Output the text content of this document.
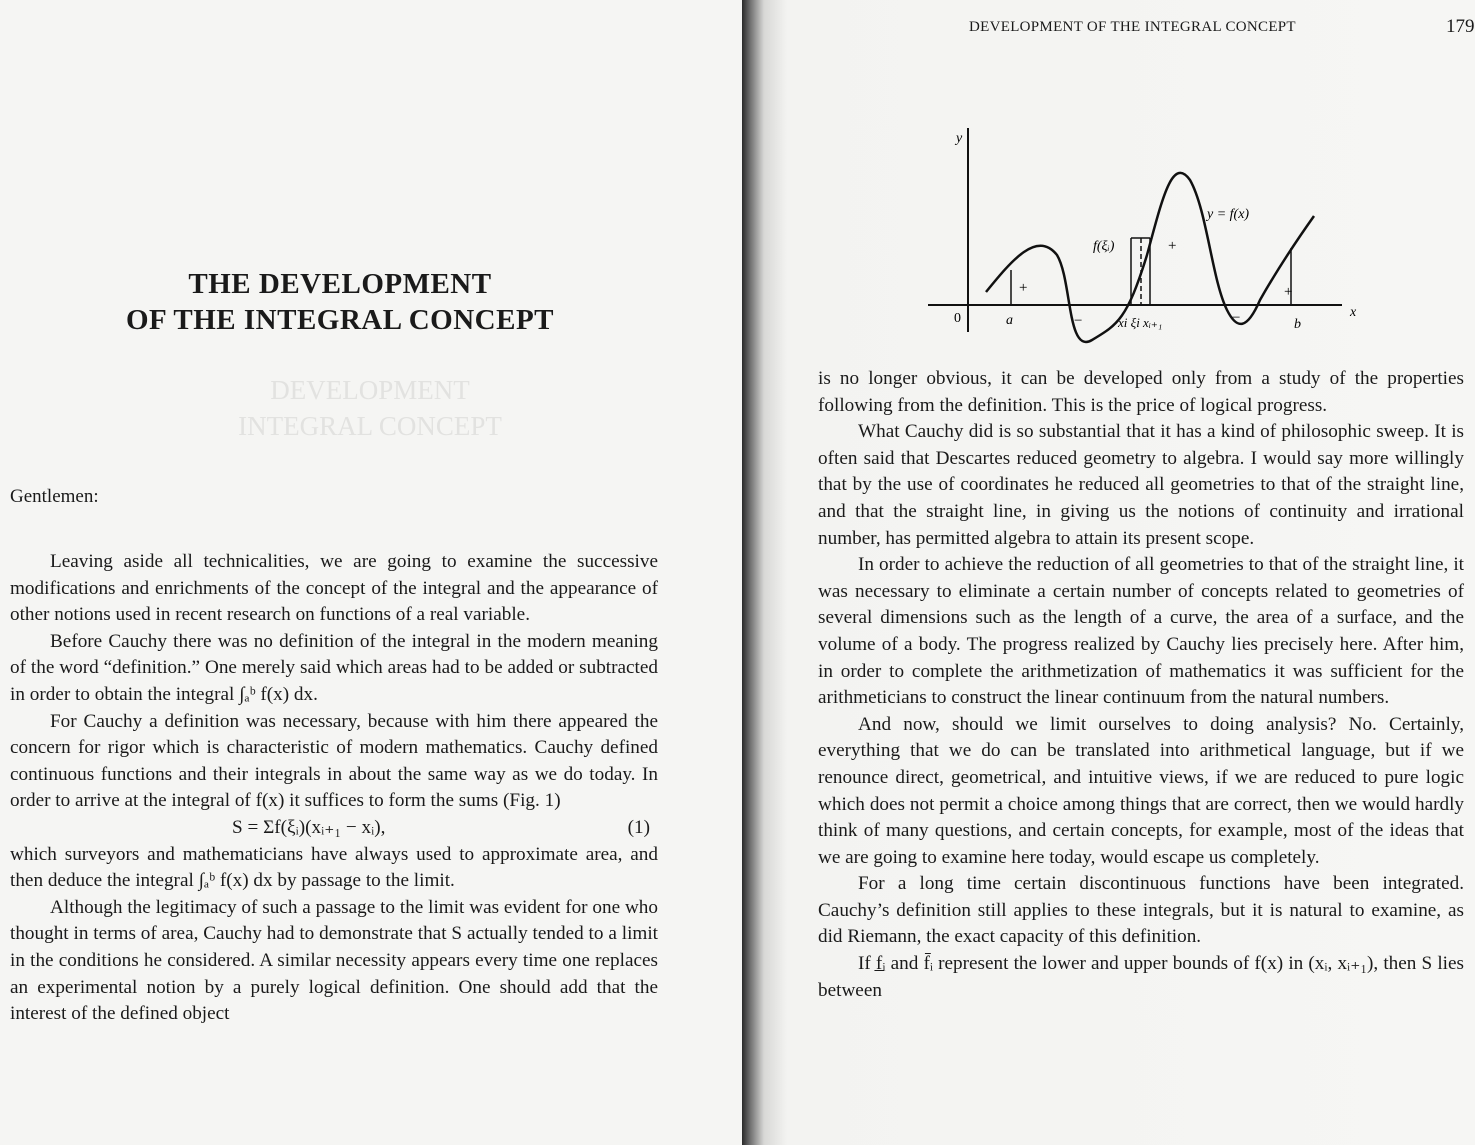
DEVELOPMENT
INTEGRAL CONCEPT
THE DEVELOPMENT
OF THE INTEGRAL CONCEPT
Gentlemen:

Leaving aside all technicalities, we are going to examine the successive modifications and enrichments of the concept of the integral and the appearance of other notions used in recent research on functions of a real variable.

Before Cauchy there was no definition of the integral in the modern meaning of the word “definition.” One merely said which areas had to be added or subtracted in order to obtain the integral ∫ₐᵇ f(x) dx.

For Cauchy a definition was necessary, because with him there appeared the concern for rigor which is characteristic of modern mathematics. Cauchy defined continuous functions and their integrals in about the same way as we do today. In order to arrive at the integral of f(x) it suffices to form the sums (Fig. 1)

S = Σf(ξᵢ)(xᵢ₊₁ − xᵢ),	(1)

which surveyors and mathematicians have always used to approximate area, and then deduce the integral ∫ₐᵇ f(x) dx by passage to the limit.

Although the legitimacy of such a passage to the limit was evident for one who thought in terms of area, Cauchy had to demonstrate that S actually tended to a limit in the conditions he considered. A similar necessity appears every time one replaces an experimental notion by a purely logical definition. One should add that the interest of the defined object

DEVELOPMENT OF THE INTEGRAL CONCEPT	179
y
x
0	a	b
y = f(x)
f(ξᵢ)
xi ξi xᵢ₊₁
+
+
+
−	−

is no longer obvious, it can be developed only from a study of the properties following from the definition. This is the price of logical progress.

What Cauchy did is so substantial that it has a kind of philosophic sweep. It is often said that Descartes reduced geometry to algebra. I would say more willingly that by the use of coordinates he reduced all geometries to that of the straight line, and that the straight line, in giving us the notions of continuity and irrational number, has permitted algebra to attain its present scope.

In order to achieve the reduction of all geometries to that of the straight line, it was necessary to eliminate a certain number of concepts related to geometries of several dimensions such as the length of a curve, the area of a surface, and the volume of a body. The progress realized by Cauchy lies precisely here. After him, in order to complete the arithmetization of mathematics it was sufficient for the arithmeticians to construct the linear continuum from the natural numbers.

And now, should we limit ourselves to doing analysis? No. Certainly, everything that we do can be translated into arithmetical language, but if we renounce direct, geometrical, and intuitive views, if we are reduced to pure logic which does not permit a choice among things that are correct, then we would hardly think of many questions, and certain concepts, for example, most of the ideas that we are going to examine here today, would escape us completely.

For a long time certain discontinuous functions have been integrated. Cauchy’s definition still applies to these integrals, but it is natural to examine, as did Riemann, the exact capacity of this definition.

If f̲ᵢ and f̄ᵢ represent the lower and upper bounds of f(x) in (xᵢ, xᵢ₊₁), then S lies between
